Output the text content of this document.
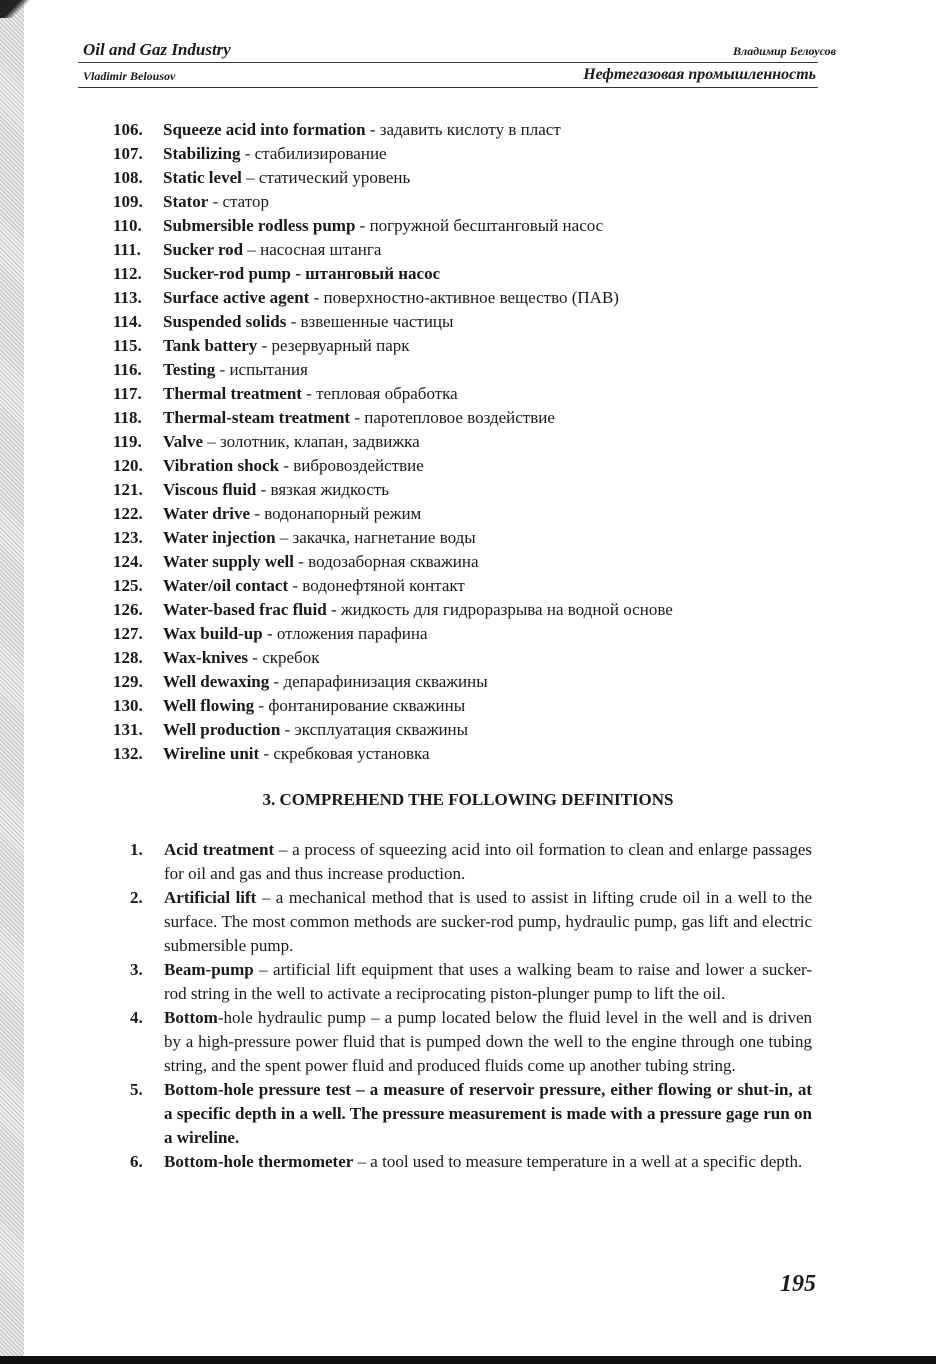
Oil and Gaz Industry	Владимир Белоусов
Vladimir Belousov	Нефтегазовая промышленность
106. Squeeze acid into formation - задавить кислоту в пласт
107. Stabilizing - стабилизирование
108. Static level – статический уровень
109. Stator - статор
110. Submersible rodless pump - погружной бесштанговый насос
111. Sucker rod – насосная штанга
112. Sucker-rod pump - штанговый насос
113. Surface active agent - поверхностно-активное вещество (ПАВ)
114. Suspended solids - взвешенные частицы
115. Tank battery - резервуарный парк
116. Testing - испытания
117. Thermal treatment - тепловая обработка
118. Thermal-steam treatment - паротепловое воздействие
119. Valve – золотник, клапан, задвижка
120. Vibration shock - вибровоздействие
121. Viscous fluid - вязкая жидкость
122. Water drive - водонапорный режим
123. Water injection – закачка, нагнетание воды
124. Water supply well - водозаборная скважина
125. Water/oil contact - водонефтяной контакт
126. Water-based frac fluid - жидкость для гидроразрыва на водной основе
127. Wax build-up - отложения парафина
128. Wax-knives - скребок
129. Well dewaxing - депарафинизация скважины
130. Well flowing - фонтанирование скважины
131. Well production - эксплуатация скважины
132. Wireline unit - скребковая установка
3. COMPREHEND THE FOLLOWING DEFINITIONS
1. Acid treatment – a process of squeezing acid into oil formation to clean and enlarge passages for oil and gas and thus increase production.
2. Artificial lift – a mechanical method that is used to assist in lifting crude oil in a well to the surface. The most common methods are sucker-rod pump, hydraulic pump, gas lift and electric submersible pump.
3. Beam-pump – artificial lift equipment that uses a walking beam to raise and lower a sucker-rod string in the well to activate a reciprocating piston-plunger pump to lift the oil.
4. Bottom-hole hydraulic pump – a pump located below the fluid level in the well and is driven by a high-pressure power fluid that is pumped down the well to the engine through one tubing string, and the spent power fluid and produced fluids come up another tubing string.
5. Bottom-hole pressure test – a measure of reservoir pressure, either flowing or shut-in, at a specific depth in a well. The pressure measurement is made with a pressure gage run on a wireline.
6. Bottom-hole thermometer – a tool used to measure temperature in a well at a specific depth.
195
